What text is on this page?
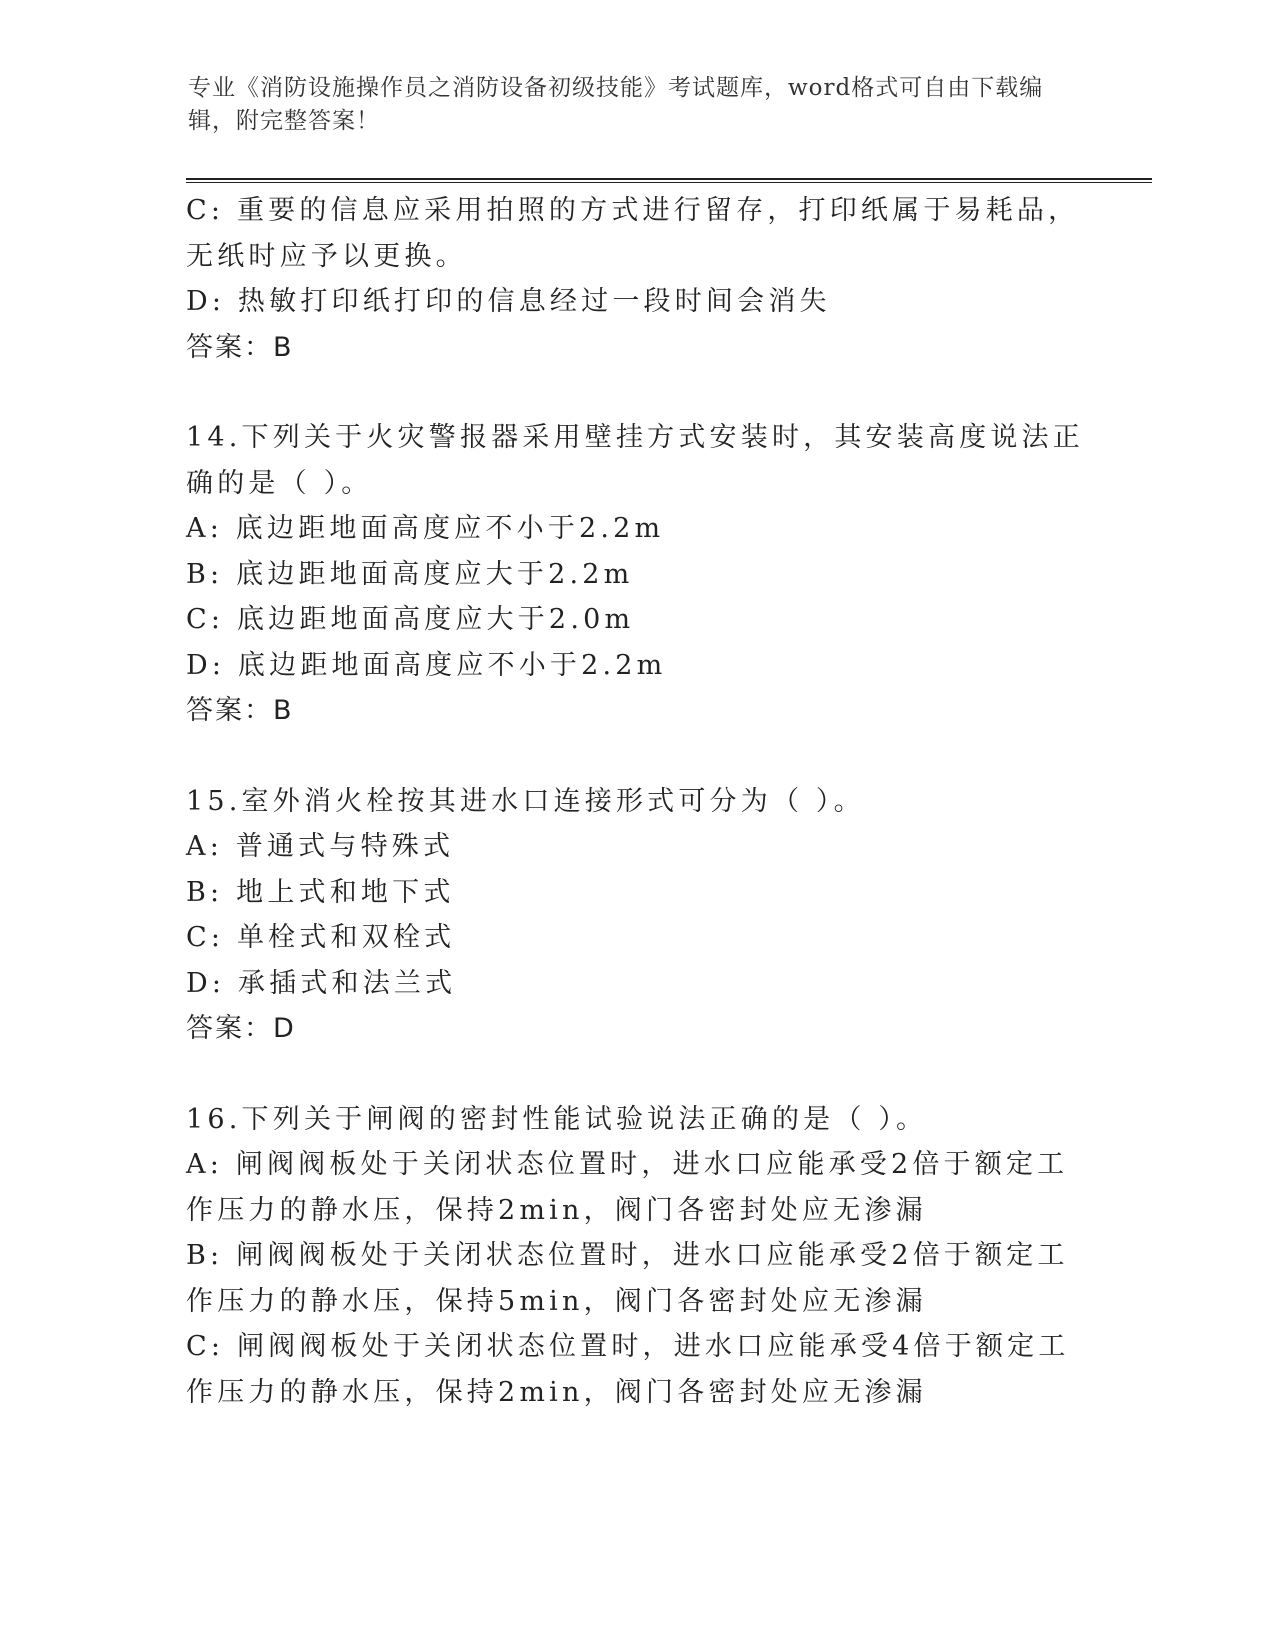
专业《消防设施操作员之消防设备初级技能》考试题库，word格式可自由下载编辑，附完整答案！

C: 重要的信息应采用拍照的方式进行留存，打印纸属于易耗品，无纸时应予以更换。

D: 热敏打印纸打印的信息经过一段时间会消失

答案：B

14.下列关于火灾警报器采用壁挂方式安装时，其安装高度说法正确的是（ ）。

A: 底边距地面高度应不小于2.2m

B: 底边距地面高度应大于2.2m

C: 底边距地面高度应大于2.0m

D: 底边距地面高度应不小于2.2m

答案：B

15.室外消火栓按其进水口连接形式可分为（ ）。

A: 普通式与特殊式

B: 地上式和地下式

C: 单栓式和双栓式

D: 承插式和法兰式

答案：D

16.下列关于闸阀的密封性能试验说法正确的是（ ）。

A: 闸阀阀板处于关闭状态位置时，进水口应能承受2倍于额定工作压力的静水压，保持2min，阀门各密封处应无渗漏

B: 闸阀阀板处于关闭状态位置时，进水口应能承受2倍于额定工作压力的静水压，保持5min，阀门各密封处应无渗漏

C: 闸阀阀板处于关闭状态位置时，进水口应能承受4倍于额定工作压力的静水压，保持2min，阀门各密封处应无渗漏
